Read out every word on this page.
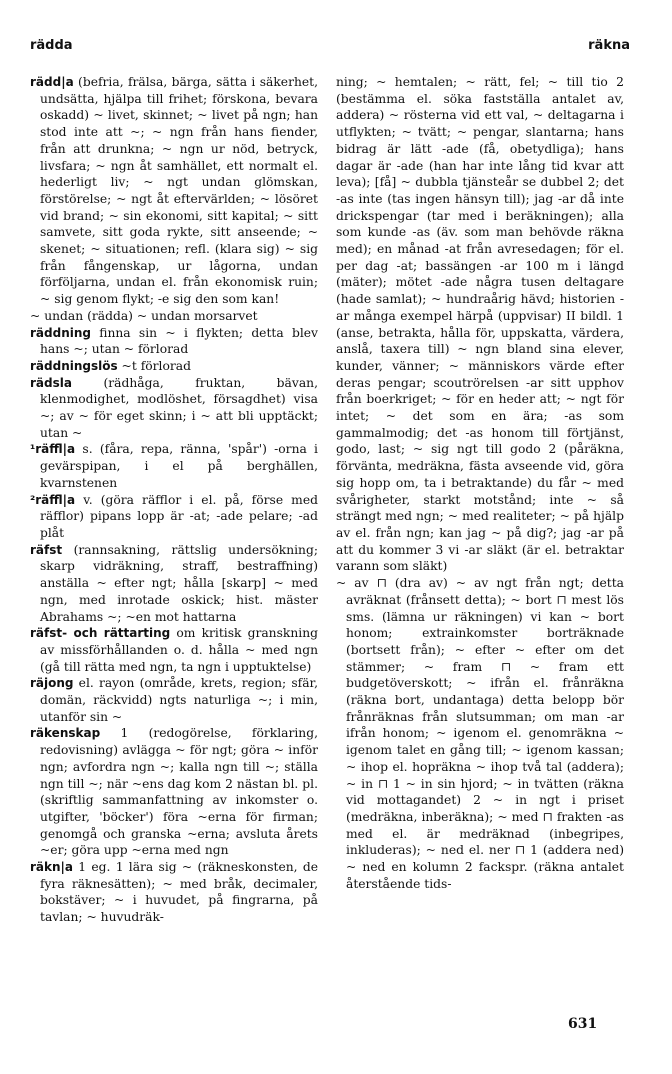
rädda	räkna

rädd|a (befria, frälsa, bärga, sätta i säkerhet, undsätta, hjälpa till frihet; förskona, bevara oskadd) ~ livet, skinnet; ~ livet på ngn; han stod inte att ~; ~ ngn från hans fiender, från att drunkna; ~ ngn ur nöd, betryck, livsfara; ~ ngn åt samhället, ett normalt el. hederligt liv; ~ ngt undan glömskan, förstörelse; ~ ngt åt eftervärlden; ~ lösöret vid brand; ~ sin ekonomi, sitt kapital; ~ sitt samvete, sitt goda rykte, sitt anseende; ~ skenet; ~ situationen; refl. (klara sig) ~ sig från fångenskap, ur lågorna, undan förföljarna, undan el. från ekonomisk ruin; ~ sig genom flykt; -e sig den som kan!

~ undan (rädda) ~ undan morsarvet

räddning finna sin ~ i flykten; detta blev hans ~; utan ~ förlorad

räddningslös ~t förlorad

rädsla (rädhåga, fruktan, bävan, klenmodighet, modlöshet, försagdhet) visa ~; av ~ för eget skinn; i ~ att bli upptäckt; utan ~

¹räffl|a s. (fåra, repa, ränna, 'spår') -orna i gevärspipan, i el på berghällen, kvarnstenen

²räffl|a v. (göra räfflor i el. på, förse med räfflor) pipans lopp är -at; -ade pelare; -ad plåt

räfst (rannsakning, rättslig undersökning; skarp vidräkning, straff, bestraffning) anställa ~ efter ngt; hålla [skarp] ~ med ngn, med inrotade oskick; hist. mäster Abrahams ~; ~en mot hattarna

räfst- och rättarting om kritisk granskning av missförhållanden o. d. hålla ~ med ngn (gå till rätta med ngn, ta ngn i upptuktelse)

räjong el. rayon (område, krets, region; sfär, domän, räckvidd) ngts naturliga ~; i min, utanför sin ~

räkenskap 1 (redogörelse, förklaring, redovisning) avlägga ~ för ngt; göra ~ inför ngn; avfordra ngn ~; kalla ngn till ~; ställa ngn till ~; när ~ens dag kom 2 nästan bl. pl. (skriftlig sammanfattning av inkomster o. utgifter, 'böcker') föra ~erna för firman; genomgå och granska ~erna; avsluta årets ~er; göra upp ~erna med ngn

räkn|a 1 eg. 1 lära sig ~ (räkneskonsten, de fyra räknesätten); ~ med bråk, decimaler, bokstäver; ~ i huvudet, på fingrarna, på tavlan; ~ huvudräk-

ning; ~ hemtalen; ~ rätt, fel; ~ till tio 2 (bestämma el. söka fastställa antalet av, addera) ~ rösterna vid ett val, ~ deltagarna i utflykten; ~ tvätt; ~ pengar, slantarna; hans bidrag är lätt -ade (få, obetydliga); hans dagar är -ade (han har inte lång tid kvar att leva); [få] ~ dubbla tjänsteår se dubbel 2; det -as inte (tas ingen hänsyn till); jag -ar då inte drickspengar (tar med i beräkningen); alla som kunde -as (äv. som man behövde räkna med); en månad -at från avresedagen; för el. per dag -at; bassängen -ar 100 m i längd (mäter); mötet -ade några tusen deltagare (hade samlat); ~ hundraårig hävd; historien -ar många exempel härpå (uppvisar) II bildl. 1 (anse, betrakta, hålla för, uppskatta, värdera, anslå, taxera till) ~ ngn bland sina elever, kunder, vänner; ~ människors värde efter deras pengar; scoutrörelsen -ar sitt upphov från boerkriget; ~ för en heder att; ~ ngt för intet; ~ det som en ära; -as som gammalmodig; det -as honom till förtjänst, godo, last; ~ sig ngt till godo 2 (påräkna, förvänta, medräkna, fästa avseende vid, göra sig hopp om, ta i betraktande) du får ~ med svårigheter, starkt motstånd; inte ~ så strängt med ngn; ~ med realiteter; ~ på hjälp av el. från ngn; kan jag ~ på dig?; jag -ar på att du kommer 3 vi -ar släkt (är el. betraktar varann som släkt)

~ av ⊓ (dra av) ~ av ngt från ngt; detta avräknat (frånsett detta); ~ bort ⊓ mest lös sms. (lämna ur räkningen) vi kan ~ bort honom; extrainkomster borträknade (bortsett från); ~ efter ~ efter om det stämmer; ~ fram ⊓ ~ fram ett budgetöverskott; ~ ifrån el. frånräkna (räkna bort, undantaga) detta belopp bör frånräknas från slutsumman; om man -ar ifrån honom; ~ igenom el. genomräkna ~ igenom talet en gång till; ~ igenom kassan; ~ ihop el. hopräkna ~ ihop två tal (addera); ~ in ⊓ 1 ~ in sin hjord; ~ in tvätten (räkna vid mottagandet) 2 ~ in ngt i priset (medräkna, inberäkna); ~ med ⊓ frakten -as med el. är medräknad (inbegripes, inkluderas); ~ ned el. ner ⊓ 1 (addera ned) ~ ned en kolumn 2 fackspr. (räkna antalet återstående tids-

631
